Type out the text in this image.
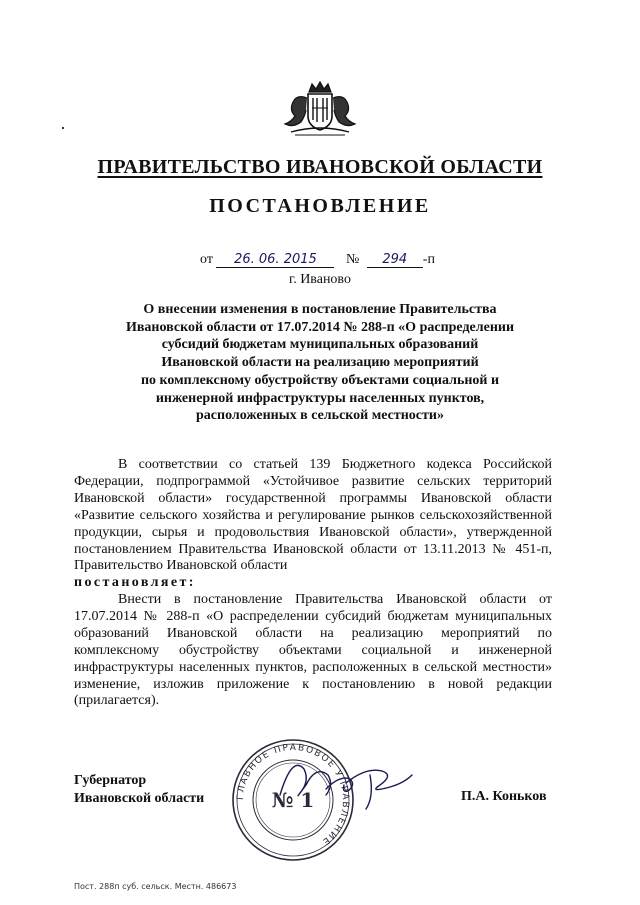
ПРАВИТЕЛЬСТВО ИВАНОВСКОЙ ОБЛАСТИ
ПОСТАНОВЛЕНИЕ
от 26. 06. 2015 № 294 -п
г. Иваново
О внесении изменения в постановление Правительства
Ивановской области от 17.07.2014 № 288-п «О распределении
субсидий бюджетам муниципальных образований
Ивановской области на реализацию мероприятий
по комплексному обустройству объектами социальной и
инженерной инфраструктуры населенных пунктов,
расположенных в сельской местности»

В соответствии со статьей 139 Бюджетного кодекса Российской Федерации, подпрограммой «Устойчивое развитие сельских территорий Ивановской области» государственной программы Ивановской области «Развитие сельского хозяйства и регулирование рынков сельскохозяйственной продукции, сырья и продовольствия Ивановской области», утвержденной постановлением Правительства Ивановской области от 13.11.2013 № 451-п, Правительство Ивановской области

постановляет:

Внести в постановление Правительства Ивановской области от 17.07.2014 № 288-п «О распределении субсидий бюджетам муниципальных образований Ивановской области на реализацию мероприятий по комплексному обустройству объектами социальной и инженерной инфраструктуры населенных пунктов, расположенных в сельской местности» изменение, изложив приложение к постановлению в новой редакции (прилагается).

ГЛАВНОЕ ПРАВОВОЕ УПРАВЛЕНИЕ
№ 1
Губернатор
Ивановской области	П.А. Коньков
Пост. 288п суб. сельск. Местн. 486673
